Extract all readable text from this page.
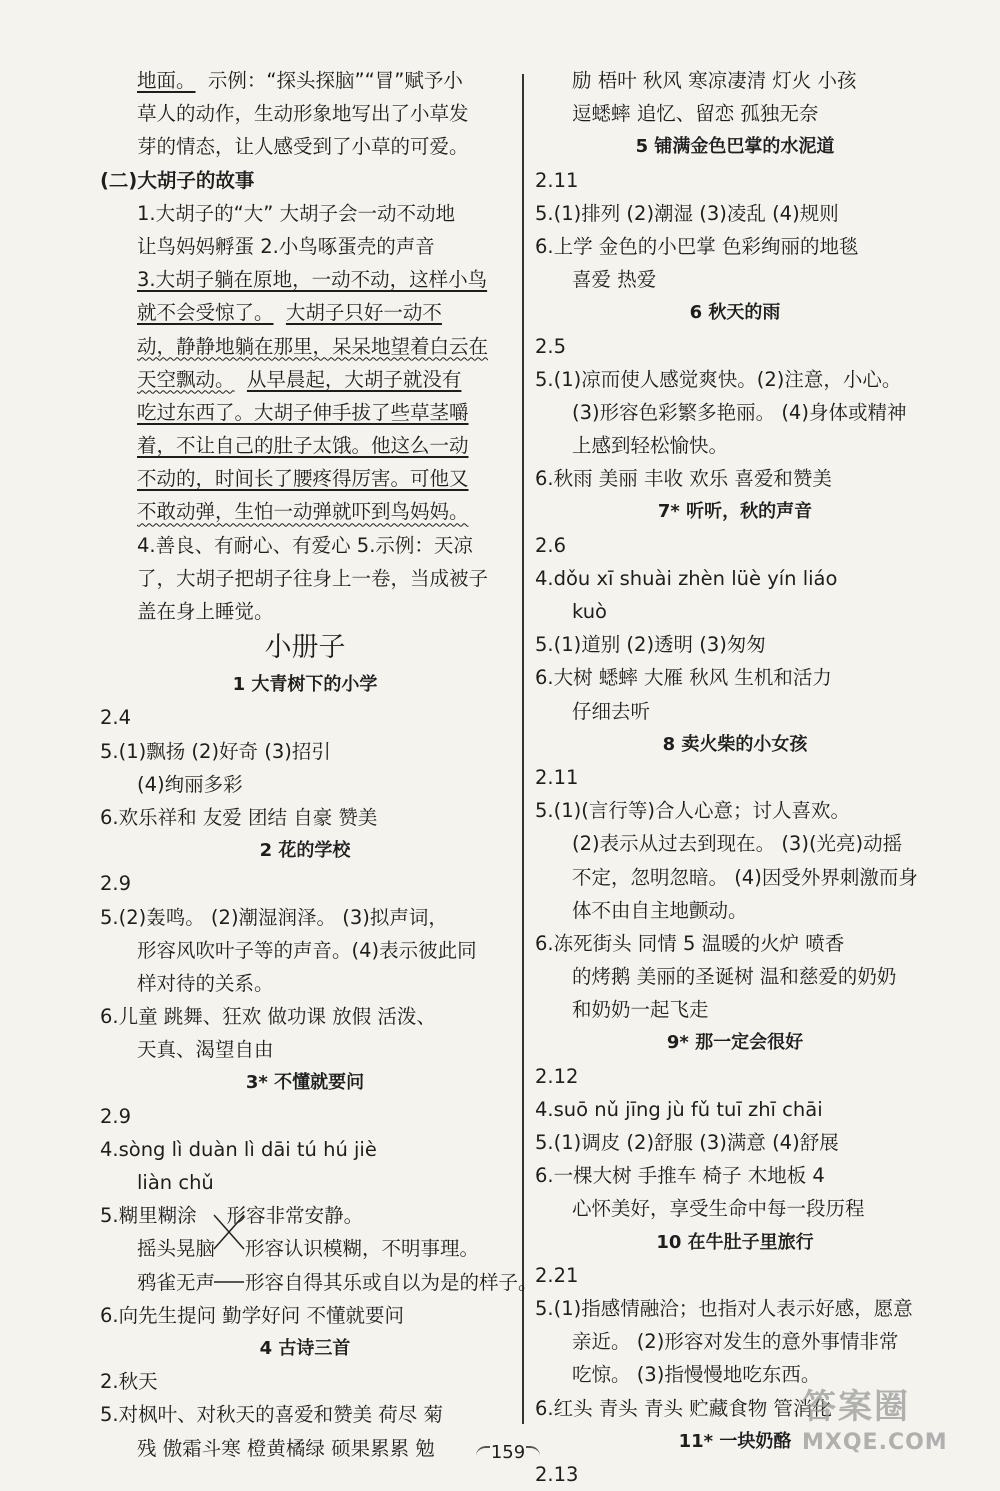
地面。 示例：“探头探脑”“冒”赋予小
草人的动作，生动形象地写出了小草发
芽的情态，让人感受到了小草的可爱。
(二)大胡子的故事
1.大胡子的“大” 大胡子会一动不动地
让鸟妈妈孵蛋 2.小鸟啄蛋壳的声音
3.大胡子躺在原地，一动不动，这样小鸟
就不会受惊了。 大胡子只好一动不
动，静静地躺在那里，呆呆地望着白云在
天空飘动。 从早晨起，大胡子就没有
吃过东西了。大胡子伸手拔了些草茎嚼
着，不让自己的肚子太饿。他这么一动
不动的，时间长了腰疼得厉害。可他又
不敢动弹，生怕一动弹就吓到鸟妈妈。
4.善良、有耐心、有爱心 5.示例：天凉
了，大胡子把胡子往身上一卷，当成被子
盖在身上睡觉。
小册子
1 大青树下的小学
2.4
5.(1)飘扬 (2)好奇 (3)招引
(4)绚丽多彩
6.欢乐祥和 友爱 团结 自豪 赞美
2 花的学校
2.9
5.(2)轰鸣。 (2)潮湿润泽。 (3)拟声词，
形容风吹叶子等的声音。(4)表示彼此同
样对待的关系。
6.儿童 跳舞、狂欢 做功课 放假 活泼、
天真、渴望自由
3* 不懂就要问
2.9
4.sòng lì duàn lì dāi tú hú jiè
liàn chǔ
5.糊里糊涂 形容非常安静。
摇头晃脑 形容认识模糊，不明事理。
鸦雀无声 形容自得其乐或自以为是的样子。
6.向先生提问 勤学好问 不懂就要问
4 古诗三首
2.秋天
5.对枫叶、对秋天的喜爱和赞美 荷尽 菊
残 傲霜斗寒 橙黄橘绿 硕果累累 勉
励 梧叶 秋风 寒凉凄清 灯火 小孩
逗蟋蟀 追忆、留恋 孤独无奈
5 铺满金色巴掌的水泥道
2.11
5.(1)排列 (2)潮湿 (3)凌乱 (4)规则
6.上学 金色的小巴掌 色彩绚丽的地毯
喜爱 热爱
6 秋天的雨
2.5
5.(1)凉而使人感觉爽快。(2)注意，小心。
(3)形容色彩繁多艳丽。 (4)身体或精神
上感到轻松愉快。
6.秋雨 美丽 丰收 欢乐 喜爱和赞美
7* 听听，秋的声音
2.6
4.dǒu xī shuài zhèn lüè yín liáo
kuò
5.(1)道别 (2)透明 (3)匆匆
6.大树 蟋蟀 大雁 秋风 生机和活力
仔细去听
8 卖火柴的小女孩
2.11
5.(1)(言行等)合人心意；讨人喜欢。
(2)表示从过去到现在。 (3)(光亮)动摇
不定，忽明忽暗。 (4)因受外界刺激而身
体不由自主地颤动。
6.冻死街头 同情 5 温暖的火炉 喷香
的烤鹅 美丽的圣诞树 温和慈爱的奶奶
和奶奶一起飞走
9* 那一定会很好
2.12
4.suō nǔ jīng jù fǔ tuī zhī chāi
5.(1)调皮 (2)舒服 (3)满意 (4)舒展
6.一棵大树 手推车 椅子 木地板 4
心怀美好，享受生命中每一段历程
10 在牛肚子里旅行
2.21
5.(1)指感情融洽；也指对人表示好感，愿意
亲近。 (2)形容对发生的意外事情非常
吃惊。 (3)指慢慢地吃东西。
6.红头 青头 青头 贮藏食物 管消化
11* 一块奶酪
2.13
159
答案圈
MXQE.COM
